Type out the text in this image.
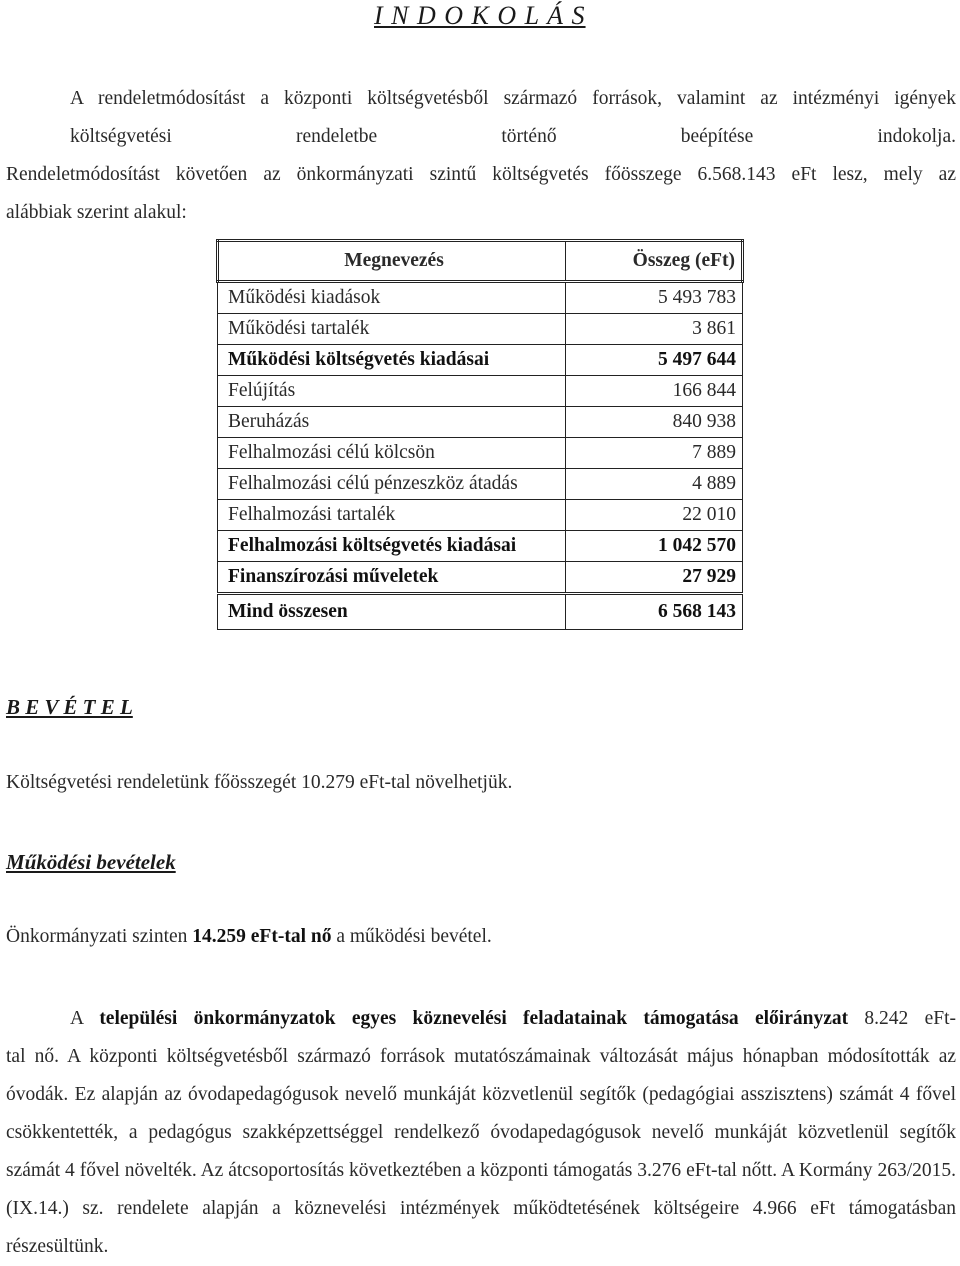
I N D O K O L Á S
A rendeletmódosítást a központi költségvetésből származó források, valamint az intézményi igények költségvetési rendeletbe történő beépítése indokolja.
Rendeletmódosítást követően az önkormányzati szintű költségvetés főösszege 6.568.143 eFt lesz, mely az
alábbiak szerint alakul:
Megnevezés	Összeg (eFt)
Működési kiadások	5 493 783
Működési tartalék	3 861
Működési költségvetés kiadásai	5 497 644
Felújítás	166 844
Beruházás	840 938
Felhalmozási célú kölcsön	7 889
Felhalmozási célú pénzeszköz átadás	4 889
Felhalmozási tartalék	22 010
Felhalmozási költségvetés kiadásai	1 042 570
Finanszírozási műveletek	27 929
Mind összesen	6 568 143
B E V É T E L
Költségvetési rendeletünk főösszegét 10.279 eFt-tal növelhetjük.
Működési bevételek
Önkormányzati szinten 14.259 eFt-tal nő a működési bevétel.
A települési önkormányzatok egyes köznevelési feladatainak támogatása előirányzat 8.242 eFt-
tal nő. A központi költségvetésből származó források mutatószámainak változását május hónapban módosították az óvodák. Ez alapján az óvodapedagógusok nevelő munkáját közvetlenül segítők (pedagógiai asszisztens) számát 4 fővel csökkentették, a pedagógus szakképzettséggel rendelkező óvodapedagógusok nevelő munkáját közvetlenül segítők számát 4 fővel növelték. Az átcsoportosítás következtében a központi támogatás 3.276 eFt-tal nőtt. A Kormány 263/2015.(IX.14.) sz. rendelete alapján a köznevelési intézmények működtetésének költségeire 4.966 eFt támogatásban részesültünk.
